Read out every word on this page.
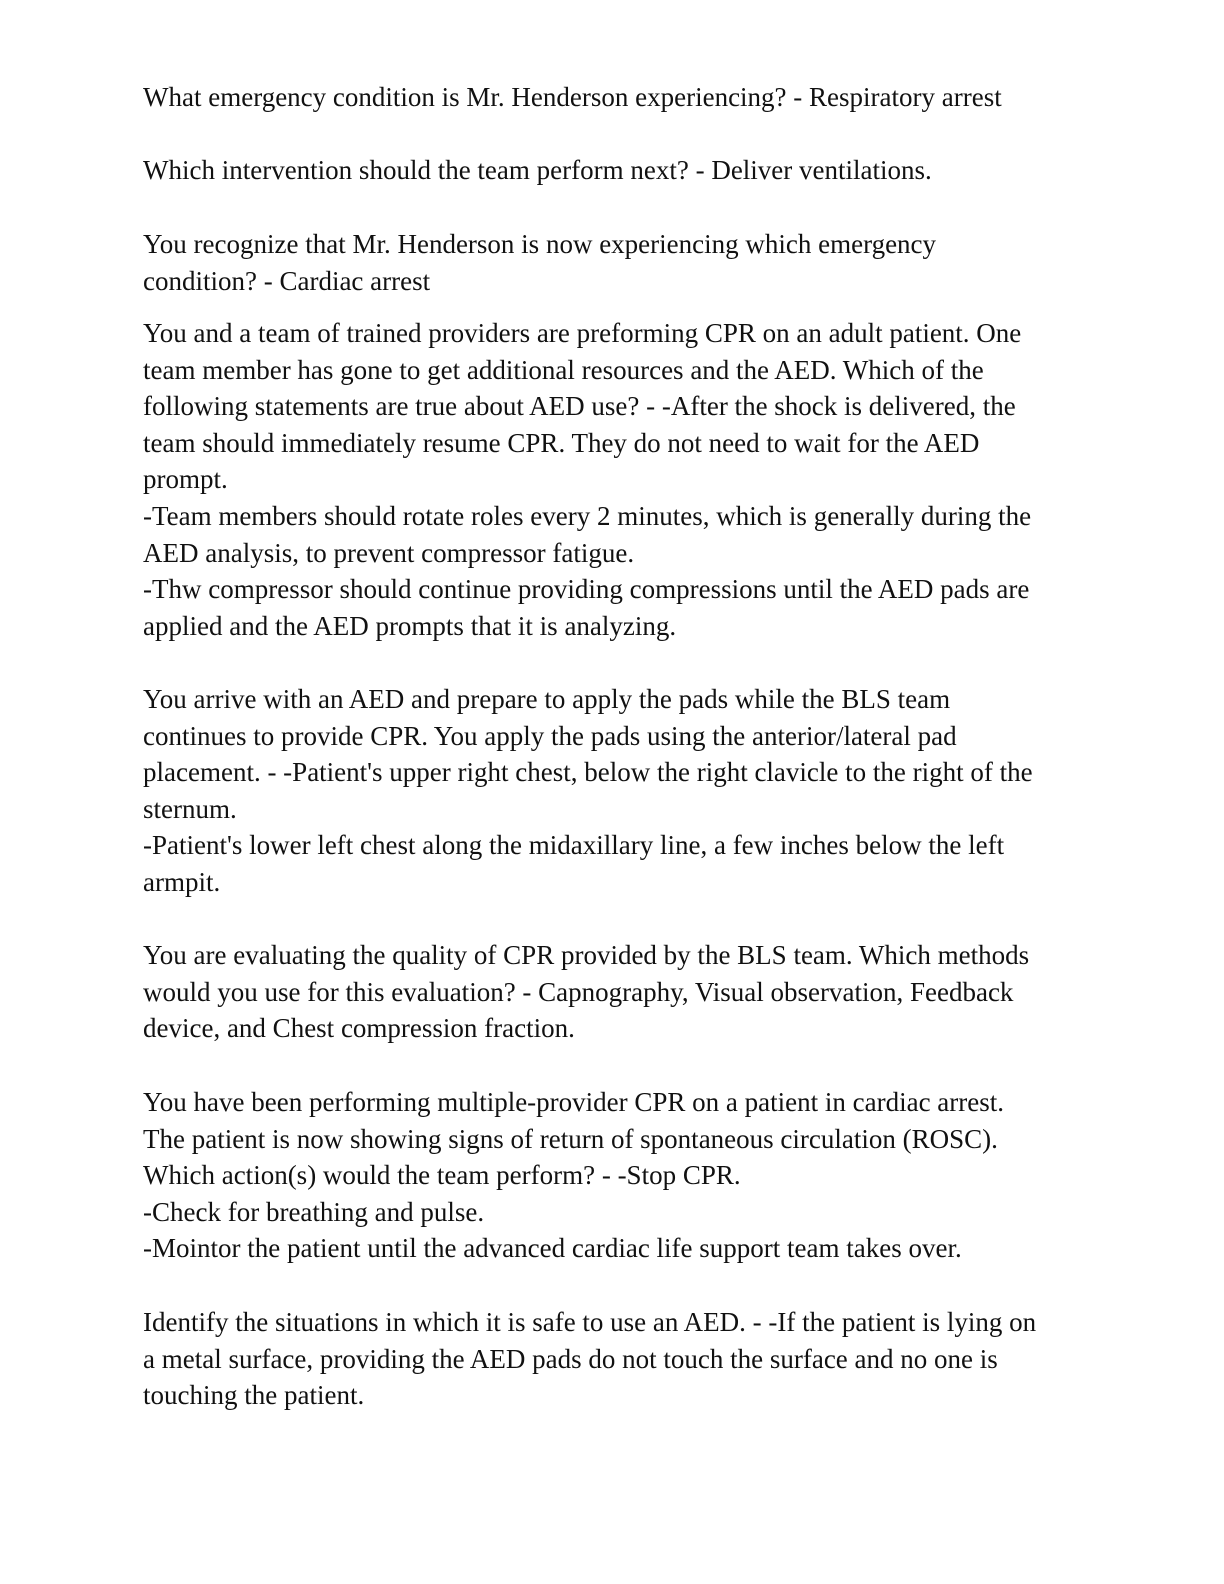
What emergency condition is Mr. Henderson experiencing? - Respiratory arrest
Which intervention should the team perform next? - Deliver ventilations.
You recognize that Mr. Henderson is now experiencing which emergency
condition? - Cardiac arrest
You and a team of trained providers are preforming CPR on an adult patient. One
team member has gone to get additional resources and the AED. Which of the
following statements are true about AED use? - -After the shock is delivered, the
team should immediately resume CPR. They do not need to wait for the AED
prompt.
-Team members should rotate roles every 2 minutes, which is generally during the
AED analysis, to prevent compressor fatigue.
-Thw compressor should continue providing compressions until the AED pads are
applied and the AED prompts that it is analyzing.
You arrive with an AED and prepare to apply the pads while the BLS team
continues to provide CPR. You apply the pads using the anterior/lateral pad
placement. - -Patient's upper right chest, below the right clavicle to the right of the
sternum.
-Patient's lower left chest along the midaxillary line, a few inches below the left
armpit.
You are evaluating the quality of CPR provided by the BLS team. Which methods
would you use for this evaluation? - Capnography, Visual observation, Feedback
device, and Chest compression fraction.
You have been performing multiple-provider CPR on a patient in cardiac arrest.
The patient is now showing signs of return of spontaneous circulation (ROSC).
Which action(s) would the team perform? - -Stop CPR.
-Check for breathing and pulse.
-Mointor the patient until the advanced cardiac life support team takes over.
Identify the situations in which it is safe to use an AED. - -If the patient is lying on
a metal surface, providing the AED pads do not touch the surface and no one is
touching the patient.
